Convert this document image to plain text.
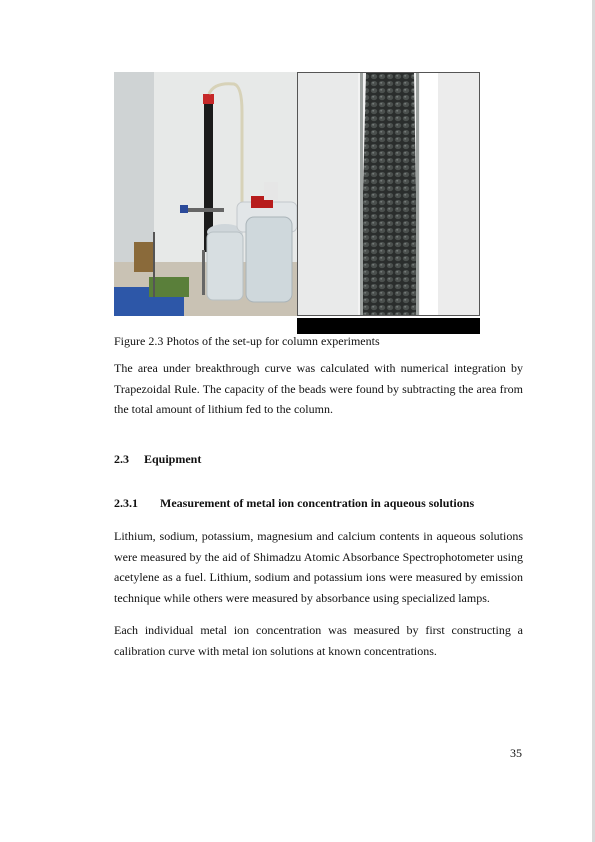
Figure 2.3 Photos of the set-up for column experiments
The area under breakthrough curve was calculated with numerical integration by Trapezoidal Rule. The capacity of the beads were found by subtracting the area from the total amount of lithium fed to the column.
2.3 Equipment
2.3.1 Measurement of metal ion concentration in aqueous solutions
Lithium, sodium, potassium, magnesium and calcium contents in aqueous solutions were measured by the aid of Shimadzu Atomic Absorbance Spectrophotometer using acetylene as a fuel. Lithium, sodium and potassium ions were measured by emission technique while others were measured by absorbance using specialized lamps.
Each individual metal ion concentration was measured by first constructing a calibration curve with metal ion solutions at known concentrations.
35
